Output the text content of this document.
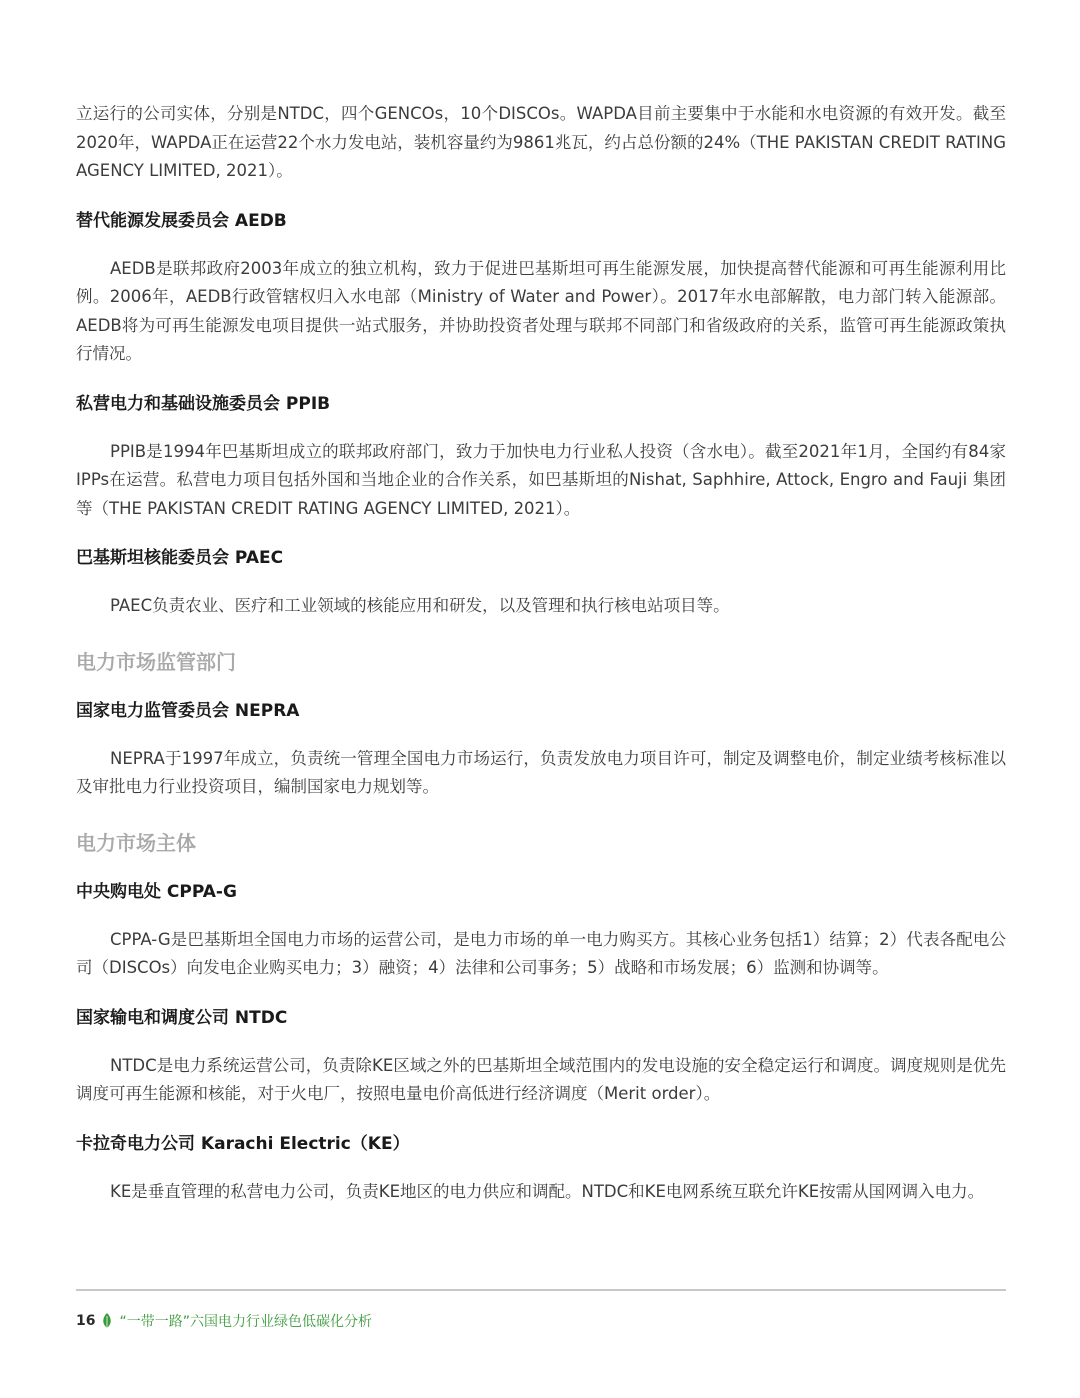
立运行的公司实体，分别是NTDC，四个GENCOs，10个DISCOs。WAPDA目前主要集中于水能和水电资源的有效开发。截至2020年，WAPDA正在运营22个水力发电站，装机容量约为9861兆瓦，约占总份额的24%（THE PAKISTAN CREDIT RATING AGENCY LIMITED, 2021）。

替代能源发展委员会 AEDB

AEDB是联邦政府2003年成立的独立机构，致力于促进巴基斯坦可再生能源发展，加快提高替代能源和可再生能源利用比例。2006年，AEDB行政管辖权归入水电部（Ministry of Water and Power）。2017年水电部解散，电力部门转入能源部。AEDB将为可再生能源发电项目提供一站式服务，并协助投资者处理与联邦不同部门和省级政府的关系，监管可再生能源政策执行情况。

私营电力和基础设施委员会 PPIB

PPIB是1994年巴基斯坦成立的联邦政府部门，致力于加快电力行业私人投资（含水电）。截至2021年1月，全国约有84家IPPs在运营。私营电力项目包括外国和当地企业的合作关系，如巴基斯坦的Nishat, Saphhire, Attock, Engro and Fauji 集团等（THE PAKISTAN CREDIT RATING AGENCY LIMITED, 2021）。

巴基斯坦核能委员会 PAEC

PAEC负责农业、医疗和工业领域的核能应用和研发，以及管理和执行核电站项目等。

电力市场监管部门
国家电力监管委员会 NEPRA

NEPRA于1997年成立，负责统一管理全国电力市场运行，负责发放电力项目许可，制定及调整电价，制定业绩考核标准以及审批电力行业投资项目，编制国家电力规划等。

电力市场主体
中央购电处 CPPA-G

CPPA-G是巴基斯坦全国电力市场的运营公司，是电力市场的单一电力购买方。其核心业务包括1）结算；2）代表各配电公司（DISCOs）向发电企业购买电力；3）融资；4）法律和公司事务；5）战略和市场发展；6）监测和协调等。

国家输电和调度公司 NTDC

NTDC是电力系统运营公司，负责除KE区域之外的巴基斯坦全域范围内的发电设施的安全稳定运行和调度。调度规则是优先调度可再生能源和核能，对于火电厂，按照电量电价高低进行经济调度（Merit order）。

卡拉奇电力公司 Karachi Electric（KE）

KE是垂直管理的私营电力公司，负责KE地区的电力供应和调配。NTDC和KE电网系统互联允许KE按需从国网调入电力。

16 “一带一路”六国电力行业绿色低碳化分析
